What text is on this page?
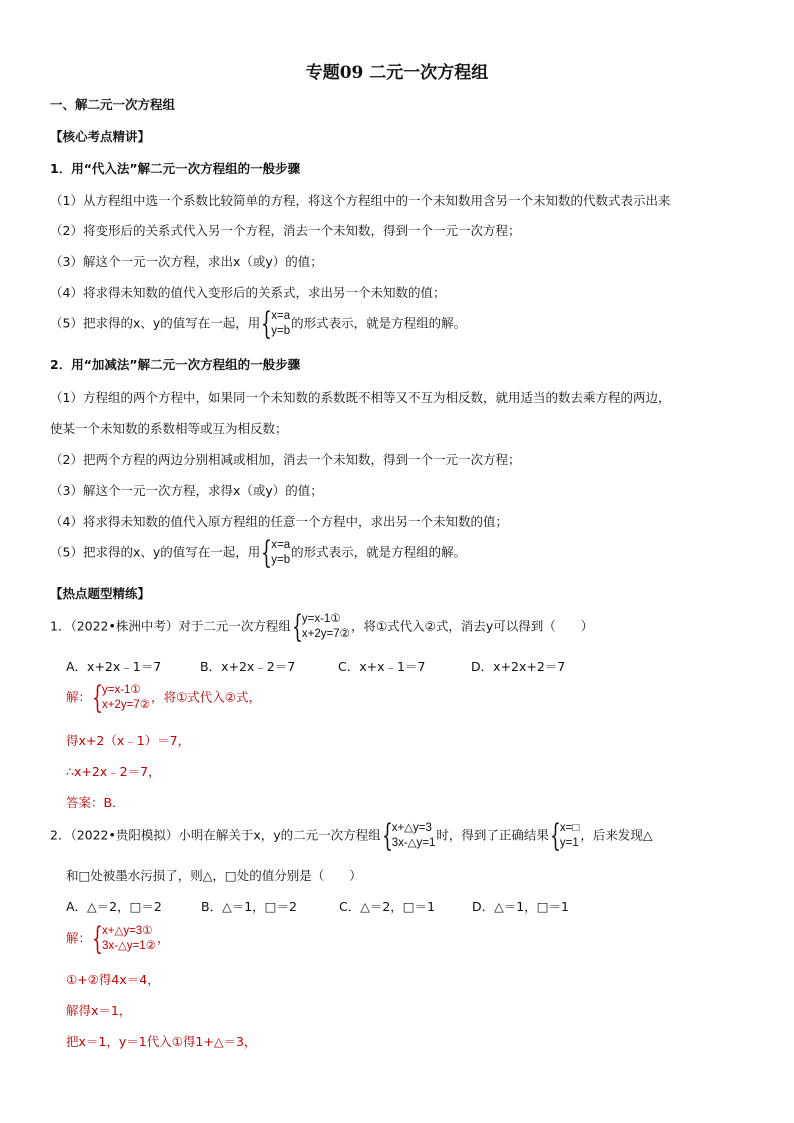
专题09 二元一次方程组
一、解二元一次方程组
【核心考点精讲】
1．用“代入法”解二元一次方程组的一般步骤
（1）从方程组中选一个系数比较简单的方程，将这个方程组中的一个未知数用含另一个未知数的代数式表示出来
（2）将变形后的关系式代入另一个方程，消去一个未知数，得到一个一元一次方程；
（3）解这个一元一次方程，求出x（或y）的值；
（4）将求得未知数的值代入变形后的关系式，求出另一个未知数的值；
（5）把求得的x、y的值写在一起，用 { x=a
y=b
的形式表示，就是方程组的解。
2．用“加减法”解二元一次方程组的一般步骤
（1）方程组的两个方程中，如果同一个未知数的系数既不相等又不互为相反数，就用适当的数去乘方程的两边，
使某一个未知数的系数相等或互为相反数；
（2）把两个方程的两边分别相减或相加，消去一个未知数，得到一个一元一次方程；
（3）解这个一元一次方程，求得x（或y）的值；
（4）将求得未知数的值代入原方程组的任意一个方程中，求出另一个未知数的值；
（5）把求得的x、y的值写在一起，用 { x=a
y=b
的形式表示，就是方程组的解。
【热点题型精练】
1．（2022•株洲中考）对于二元一次方程组 { y=x-1①
x+2y=7②
，将①式代入②式，消去y可以得到（　　）
A．x+2x﹣1＝7	B．x+2x﹣2＝7	C．x+x﹣1＝7	D．x+2x+2＝7
解： { y=x-1①
x+2y=7②
，将①式代入②式，
得x+2（x﹣1）＝7，
∴x+2x﹣2＝7，
答案：B．
2．（2022•贵阳模拟）小明在解关于x，y的二元一次方程组 { x+△y=3
3x-△y=1
时，得到了正确结果 { x=□
y=1
，后来发现△
和□处被墨水污损了，则△，□处的值分别是（　　）
A．△＝2，□＝2	B．△＝1，□＝2	C．△＝2，□＝1	D．△＝1，□＝1
解： { x+△y=3①
3x-△y=1②
，
①+②得4x＝4，
解得x＝1，
把x＝1，y＝1代入①得1+△＝3，
